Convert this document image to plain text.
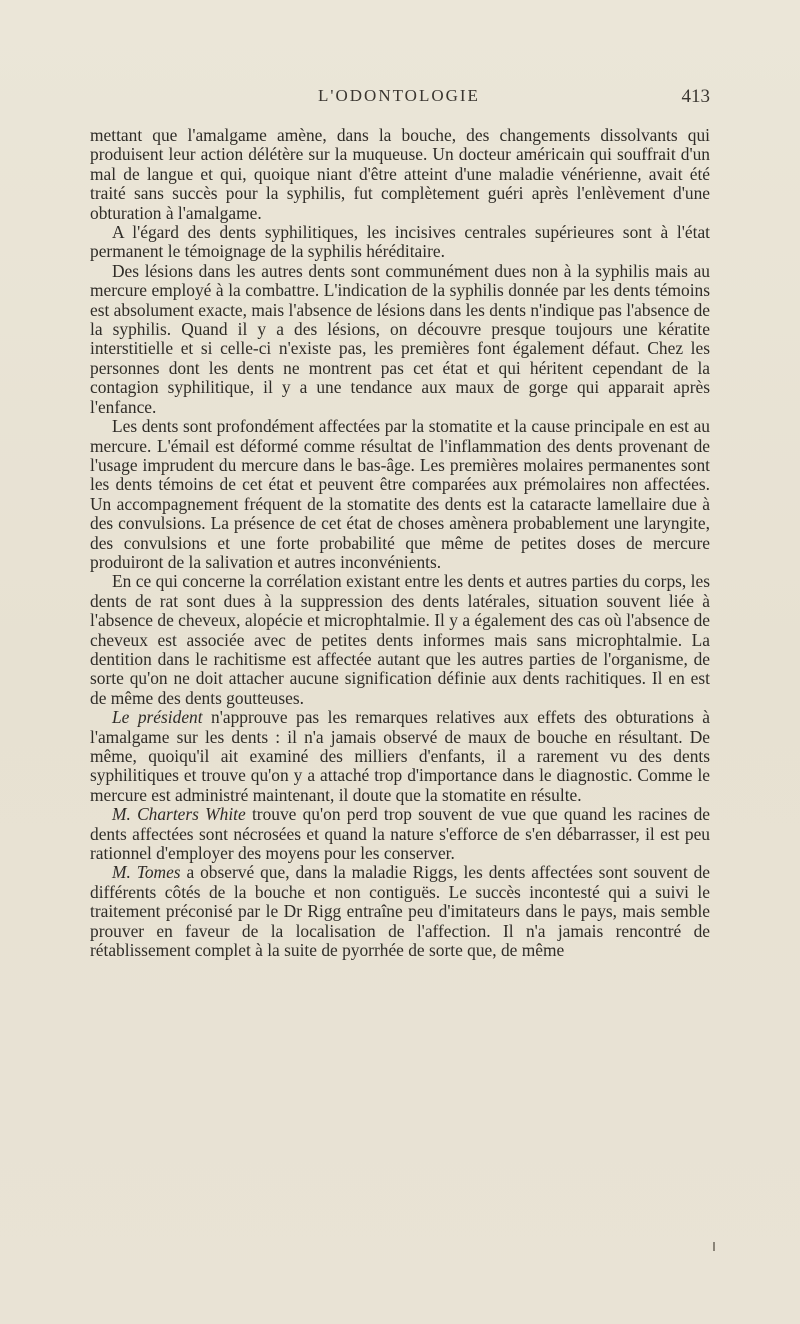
L'ODONTOLOGIE	413

mettant que l'amalgame amène, dans la bouche, des changements dissolvants qui produisent leur action délétère sur la muqueuse. Un docteur américain qui souffrait d'un mal de langue et qui, quoique niant d'être atteint d'une maladie vénérienne, avait été traité sans succès pour la syphilis, fut complètement guéri après l'enlèvement d'une obturation à l'amalgame.

A l'égard des dents syphilitiques, les incisives centrales supérieures sont à l'état permanent le témoignage de la syphilis héréditaire.

Des lésions dans les autres dents sont communément dues non à la syphilis mais au mercure employé à la combattre. L'indication de la syphilis donnée par les dents témoins est absolument exacte, mais l'absence de lésions dans les dents n'indique pas l'absence de la syphilis. Quand il y a des lésions, on découvre presque toujours une kératite interstitielle et si celle-ci n'existe pas, les premières font également défaut. Chez les personnes dont les dents ne montrent pas cet état et qui héritent cependant de la contagion syphilitique, il y a une tendance aux maux de gorge qui apparait après l'enfance.

Les dents sont profondément affectées par la stomatite et la cause principale en est au mercure. L'émail est déformé comme résultat de l'inflammation des dents provenant de l'usage imprudent du mercure dans le bas-âge. Les premières molaires permanentes sont les dents témoins de cet état et peuvent être comparées aux prémolaires non affectées. Un accompagnement fréquent de la stomatite des dents est la cataracte lamellaire due à des convulsions. La présence de cet état de choses amènera probablement une laryngite, des convulsions et une forte probabilité que même de petites doses de mercure produiront de la salivation et autres inconvénients.

En ce qui concerne la corrélation existant entre les dents et autres parties du corps, les dents de rat sont dues à la suppression des dents latérales, situation souvent liée à l'absence de cheveux, alopécie et microphtalmie. Il y a également des cas où l'absence de cheveux est associée avec de petites dents informes mais sans microphtalmie. La dentition dans le rachitisme est affectée autant que les autres parties de l'organisme, de sorte qu'on ne doit attacher aucune signification définie aux dents rachitiques. Il en est de même des dents goutteuses.

Le président n'approuve pas les remarques relatives aux effets des obturations à l'amalgame sur les dents : il n'a jamais observé de maux de bouche en résultant. De même, quoiqu'il ait examiné des milliers d'enfants, il a rarement vu des dents syphilitiques et trouve qu'on y a attaché trop d'importance dans le diagnostic. Comme le mercure est administré maintenant, il doute que la stomatite en résulte.

M. Charters White trouve qu'on perd trop souvent de vue que quand les racines de dents affectées sont nécrosées et quand la nature s'efforce de s'en débarrasser, il est peu rationnel d'employer des moyens pour les conserver.

M. Tomes a observé que, dans la maladie Riggs, les dents affectées sont souvent de différents côtés de la bouche et non contiguës. Le succès incontesté qui a suivi le traitement préconisé par le Dr Rigg entraîne peu d'imitateurs dans le pays, mais semble prouver en faveur de la localisation de l'affection. Il n'a jamais rencontré de rétablissement complet à la suite de pyorrhée de sorte que, de même
